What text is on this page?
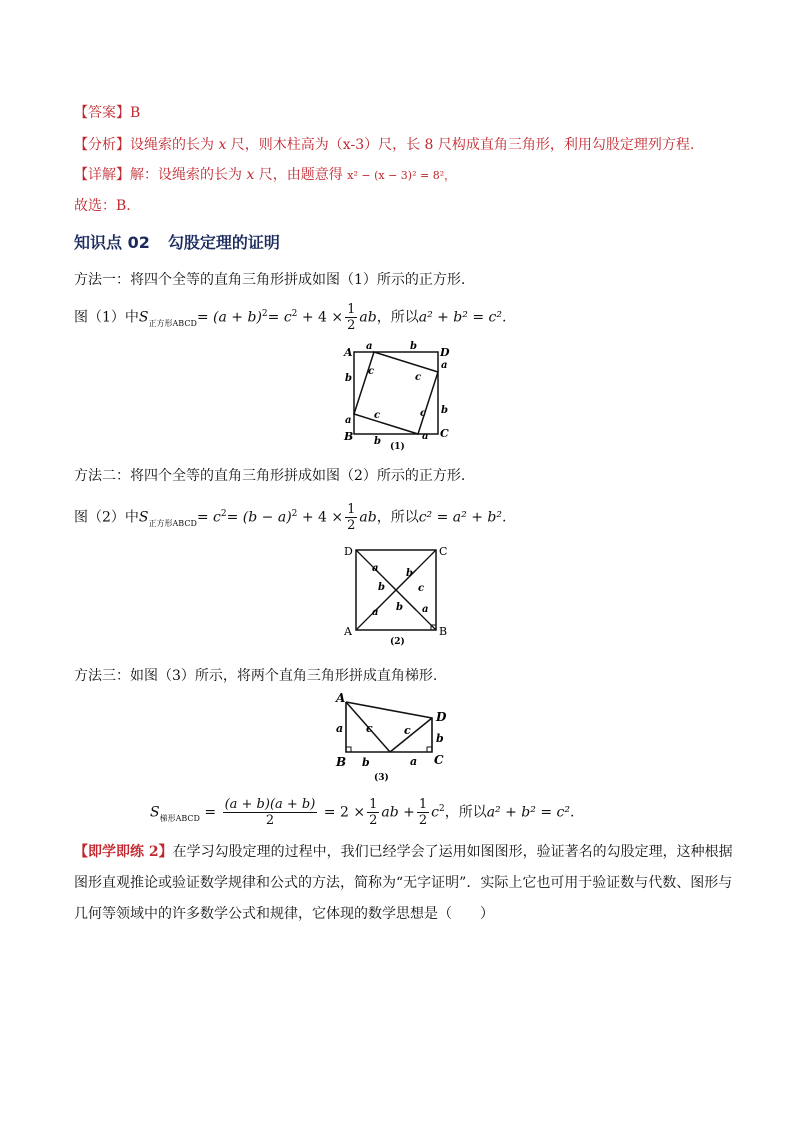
【答案】B
【分析】设绳索的长为 x 尺，则木柱高为（x-3）尺，长 8 尺构成直角三角形，利用勾股定理列方程.
【详解】解：设绳索的长为 x 尺，由题意得 x² − (x − 3)² = 8²，
故选：B.
知识点 02 勾股定理的证明
方法一：将四个全等的直角三角形拼成如图（1）所示的正方形.
图（1）中$S_{正方形ABCD}= (a + b)^2= c^2 + 4 \times \frac{1}{2}$ ab，所以a² + b² = c².
A	D
B	C
a	b
b
a
a
b
b	a
c
c
c	c
(1)
方法二：将四个全等的直角三角形拼成如图（2）所示的正方形.
图（2）中$S_{正方形ABCD}= c^2= (b - a)^2 + 4 \times \frac{1}{2}$ ab，所以c² = a² + b².
D	C
A	B
a
b
b
c
a b a
(2)
方法三：如图（3）所示，将两个直角三角形拼成直角梯形.
A
D
B	C
a c	c
b
b	a
(3)
$S_{梯形ABCD} = \frac{(a + b)(a + b)}{2} = 2 \times \frac{1}{2}$ ab + $\frac{1}{2} c^2$，所以a² + b² = c².
【即学即练 2】在学习勾股定理的过程中，我们已经学会了运用如图图形，验证著名的勾股定理，这种根据
图形直观推论或验证数学规律和公式的方法，简称为“无字证明”．实际上它也可用于验证数与代数、图形与
几何等领域中的许多数学公式和规律，它体现的数学思想是（　　）
